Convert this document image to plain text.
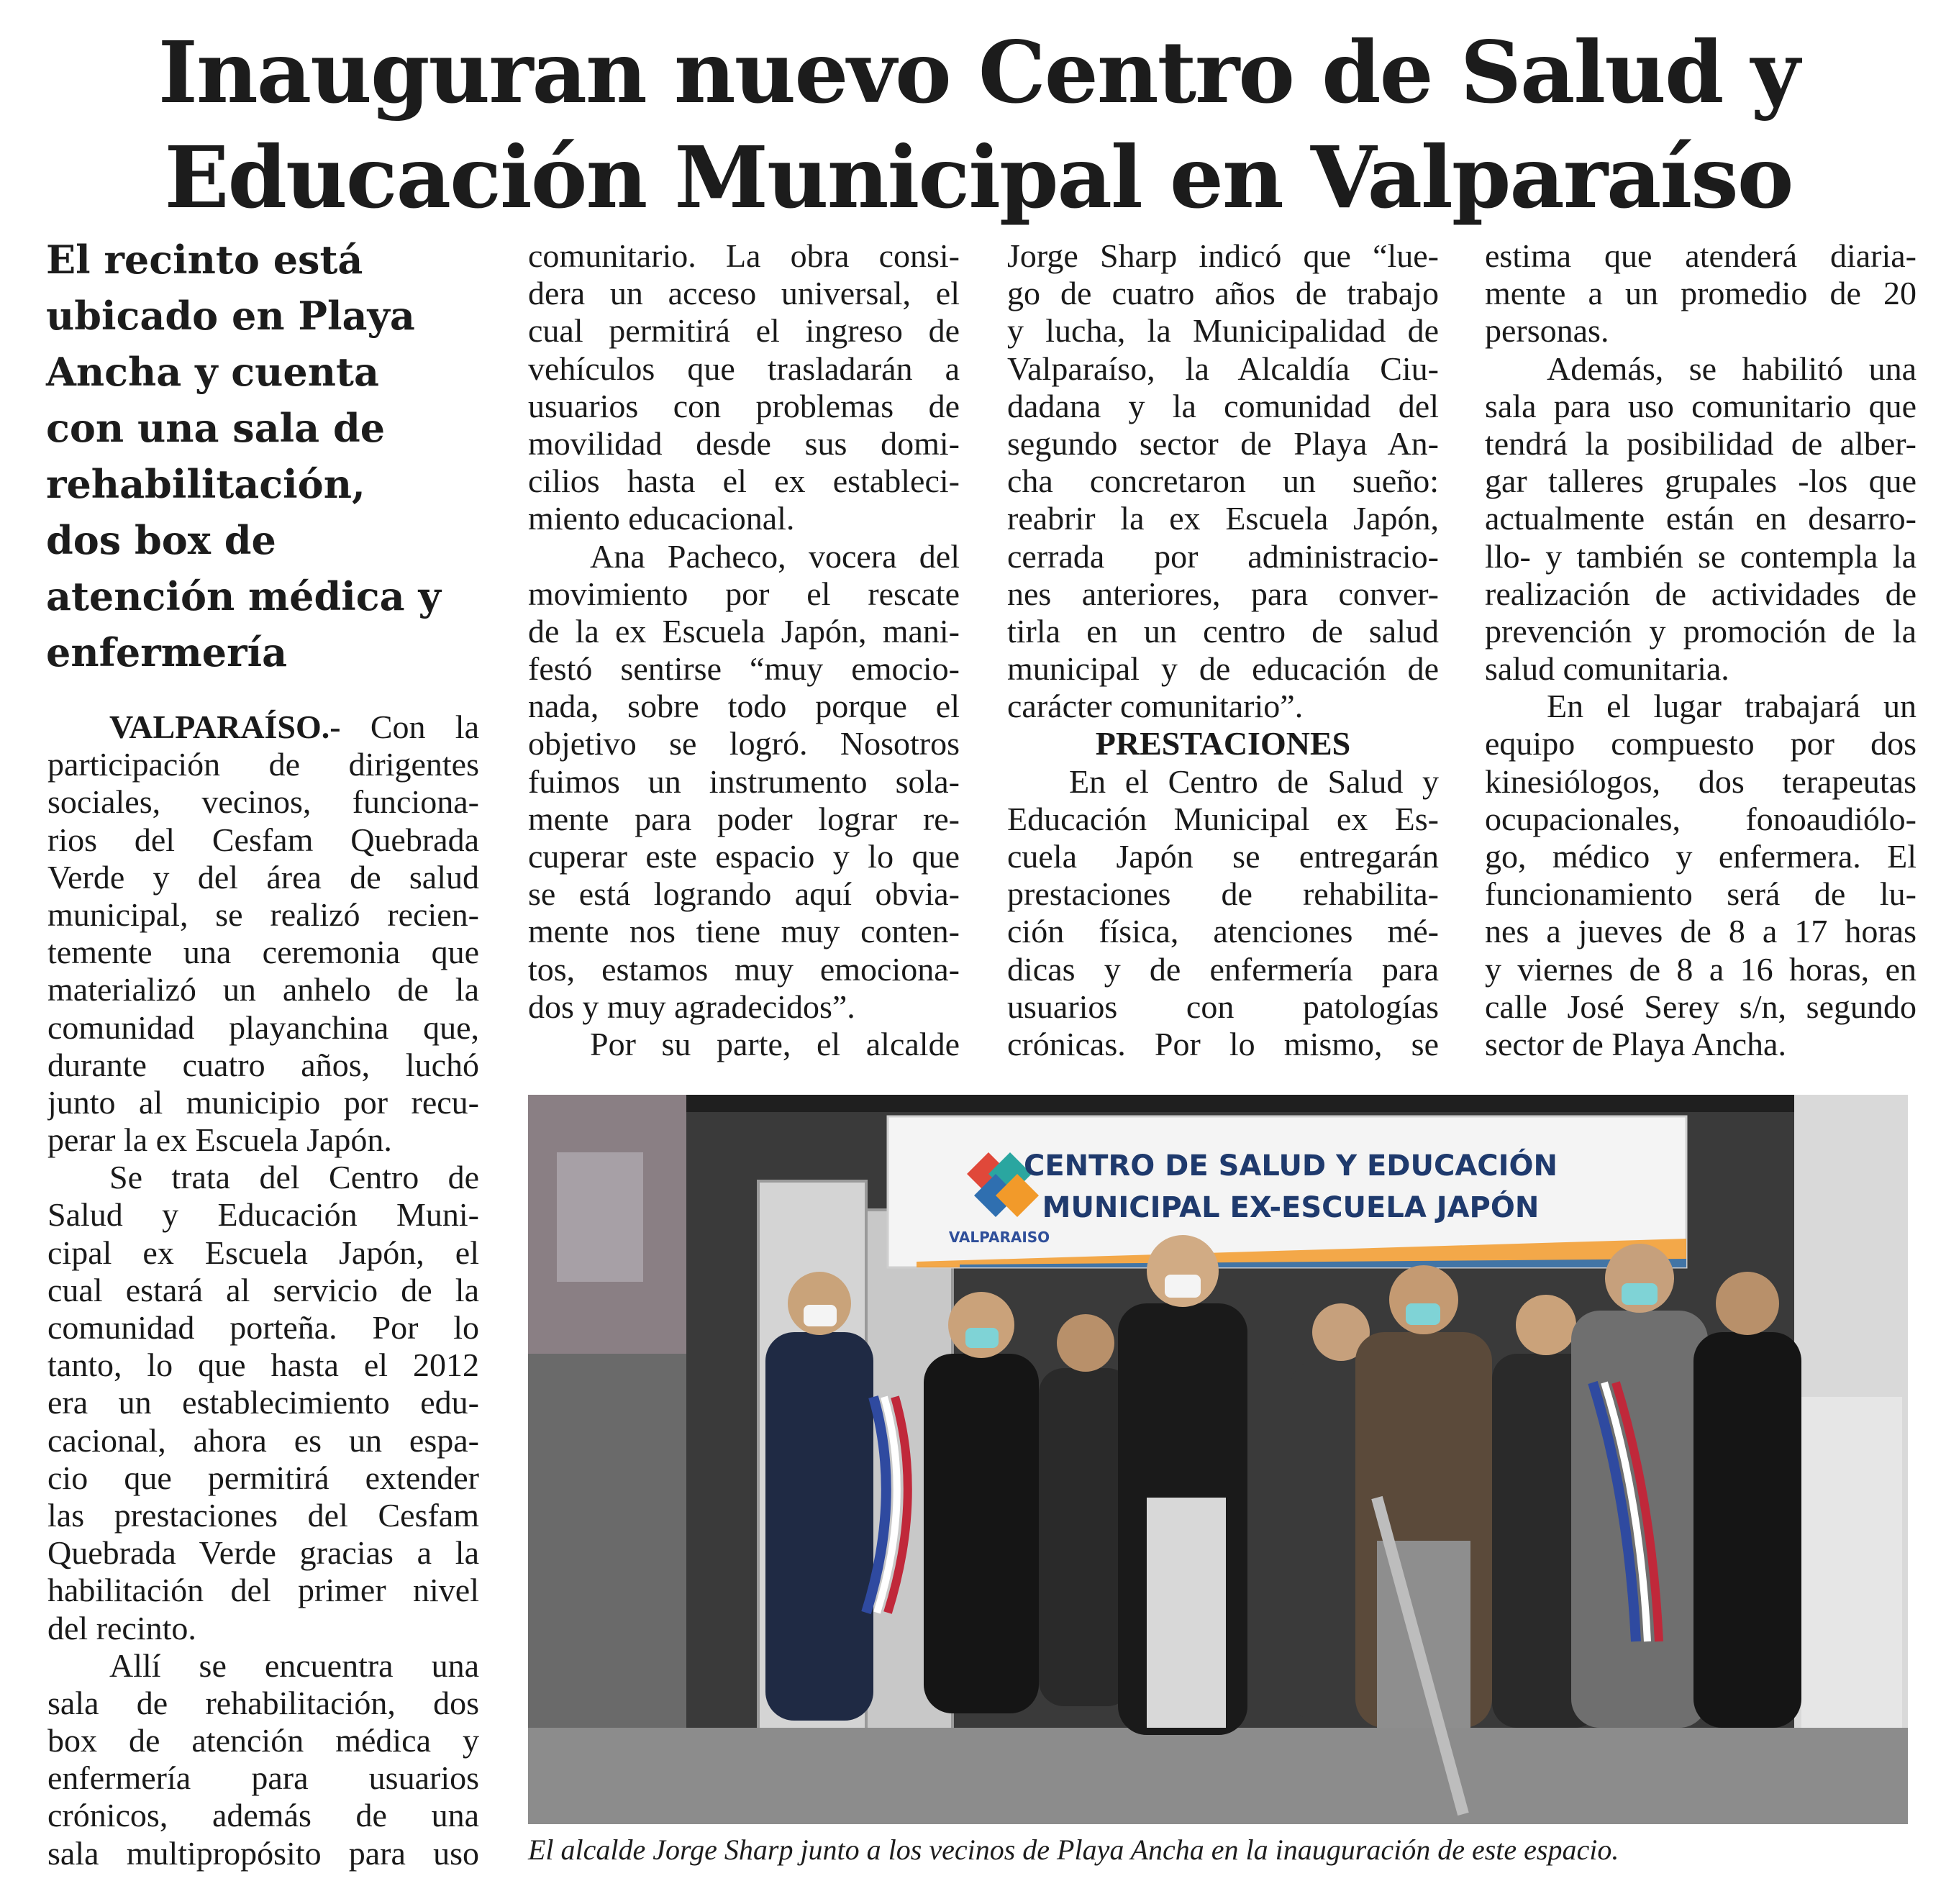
Inauguran nuevo Centro de Salud y
Educación Municipal en Valparaíso
El recinto está
ubicado en Playa
Ancha y cuenta
con una sala de
rehabilitación,
dos box de
atención médica y
enfermería
VALPARAÍSO.- Con la
participación de dirigentes
sociales, vecinos, funciona-
rios del Cesfam Quebrada
Verde y del área de salud
municipal, se realizó recien-
temente una ceremonia que
materializó un anhelo de la
comunidad playanchina que,
durante cuatro años, luchó
junto al municipio por recu-
perar la ex Escuela Japón.
Se trata del Centro de
Salud y Educación Muni-
cipal ex Escuela Japón, el
cual estará al servicio de la
comunidad porteña. Por lo
tanto, lo que hasta el 2012
era un establecimiento edu-
cacional, ahora es un espa-
cio que permitirá extender
las prestaciones del Cesfam
Quebrada Verde gracias a la
habilitación del primer nivel
del recinto.
Allí se encuentra una
sala de rehabilitación, dos
box de atención médica y
enfermería para usuarios
crónicos, además de una
sala multipropósito para uso
comunitario. La obra consi-
dera un acceso universal, el
cual permitirá el ingreso de
vehículos que trasladarán a
usuarios con problemas de
movilidad desde sus domi-
cilios hasta el ex estableci-
miento educacional.
Ana Pacheco, vocera del
movimiento por el rescate
de la ex Escuela Japón, mani-
festó sentirse “muy emocio-
nada, sobre todo porque el
objetivo se logró. Nosotros
fuimos un instrumento sola-
mente para poder lograr re-
cuperar este espacio y lo que
se está logrando aquí obvia-
mente nos tiene muy conten-
tos, estamos muy emociona-
dos y muy agradecidos”.
Por su parte, el alcalde
Jorge Sharp indicó que “lue-
go de cuatro años de trabajo
y lucha, la Municipalidad de
Valparaíso, la Alcaldía Ciu-
dadana y la comunidad del
segundo sector de Playa An-
cha concretaron un sueño:
reabrir la ex Escuela Japón,
cerrada por administracio-
nes anteriores, para conver-
tirla en un centro de salud
municipal y de educación de
carácter comunitario”.
PRESTACIONES
En el Centro de Salud y
Educación Municipal ex Es-
cuela Japón se entregarán
prestaciones de rehabilita-
ción física, atenciones mé-
dicas y de enfermería para
usuarios con patologías
crónicas. Por lo mismo, se
estima que atenderá diaria-
mente a un promedio de 20
personas.
Además, se habilitó una
sala para uso comunitario que
tendrá la posibilidad de alber-
gar talleres grupales -los que
actualmente están en desarro-
llo- y también se contempla la
realización de actividades de
prevención y promoción de la
salud comunitaria.
En el lugar trabajará un
equipo compuesto por dos
kinesiólogos, dos terapeutas
ocupacionales, fonoaudiólo-
go, médico y enfermera. El
funcionamiento será de lu-
nes a jueves de 8 a 17 horas
y viernes de 8 a 16 horas, en
calle José Serey s/n, segundo
sector de Playa Ancha.
VALPARAISO
CENTRO DE SALUD Y EDUCACIÓN
MUNICIPAL EX-ESCUELA JAPÓN
El alcalde Jorge Sharp junto a los vecinos de Playa Ancha en la inauguración de este espacio.
